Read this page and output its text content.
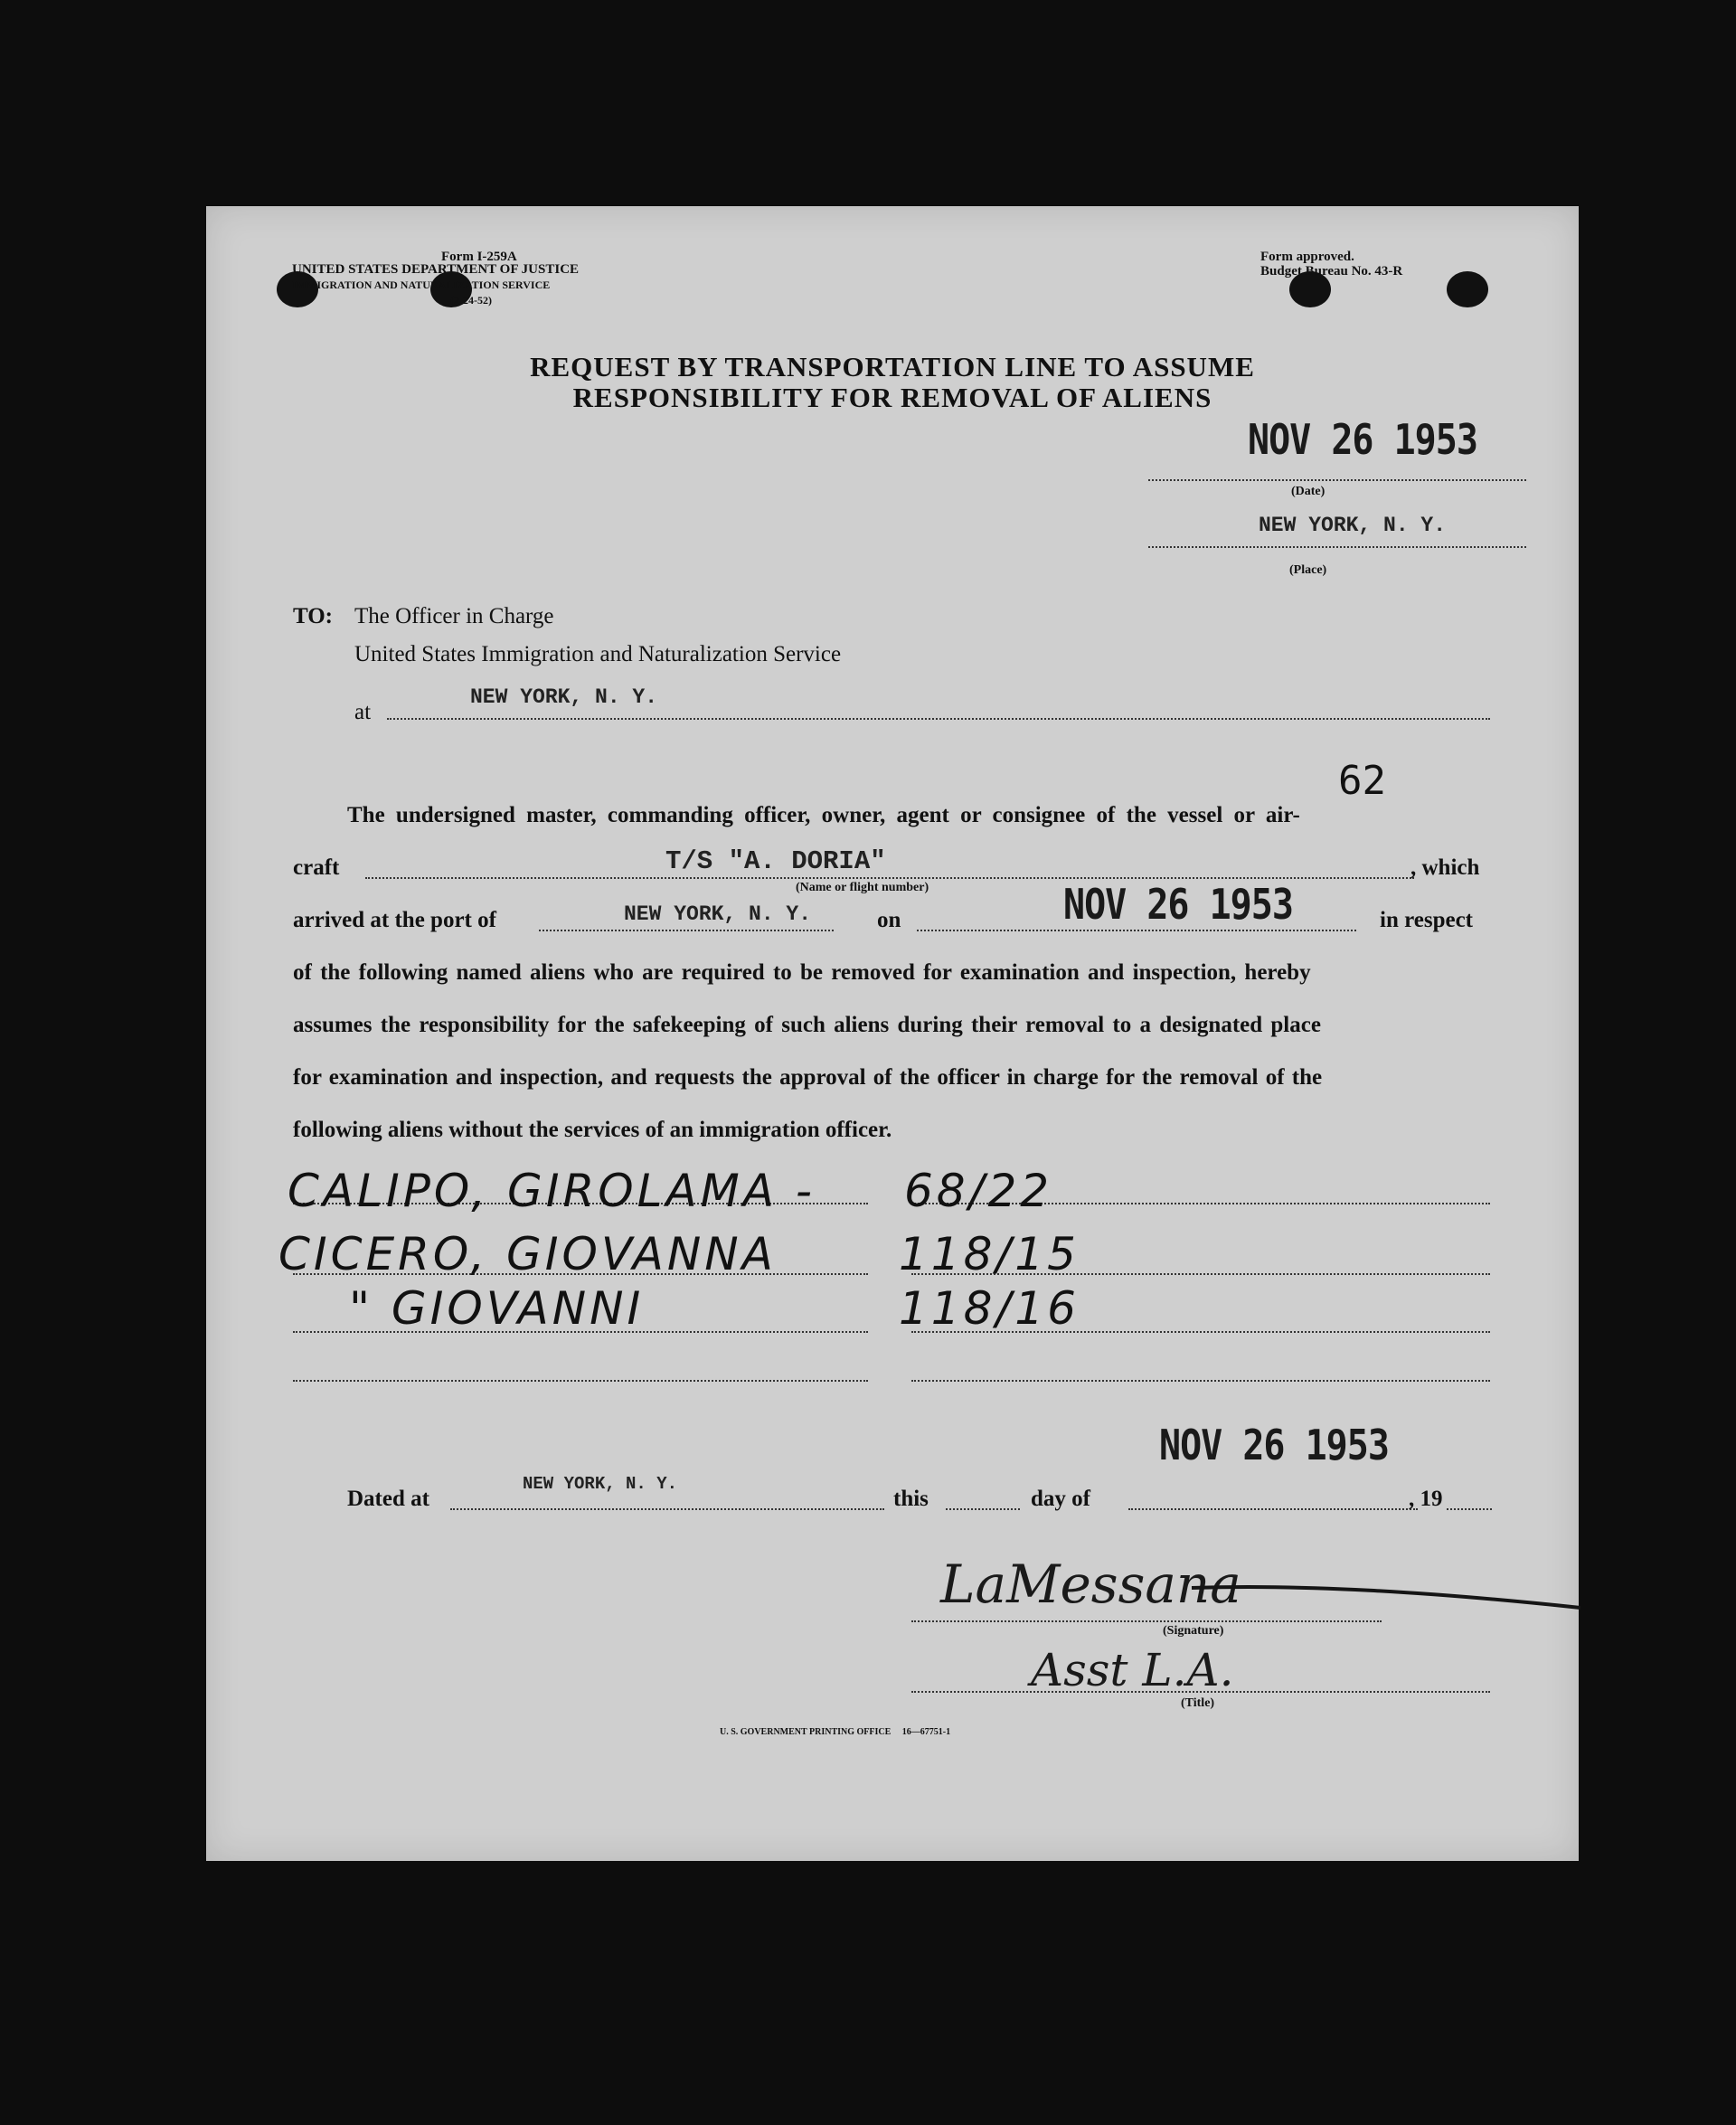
Form I-259A
UNITED STATES DEPARTMENT OF JUSTICE
IMMIGRATION AND NATURALIZATION SERVICE
(2-24-52)
Form approved.
Budget Bureau No. 43-R
REQUEST BY TRANSPORTATION LINE TO ASSUME
RESPONSIBILITY FOR REMOVAL OF ALIENS
NOV 26 1953
(Date)
NEW YORK, N. Y.
(Place)
TO: The Officer in Charge
United States Immigration and Naturalization Service
at
NEW YORK, N. Y.
62
The undersigned master, commanding officer, owner, agent or consignee of the vessel or air-
craft	T/S "A. DORIA"
(Name or flight number)
, which
arrived at the port of	NEW YORK, N. Y.	on	NOV 26 1953	in respect
of the following named aliens who are required to be removed for examination and inspection, hereby
assumes the responsibility for the safekeeping of such aliens during their removal to a designated place
for examination and inspection, and requests the approval of the officer in charge for the removal of the
following aliens without the services of an immigration officer.
CALIPO, GIROLAMA - 68/22
CICERO, GIOVANNA	118/15
" GIOVANNI	118/16
NOV 26 1953
Dated at
NEW YORK, N. Y.
this	day of	, 19
LaMessana
(Signature)
Asst L.A.
(Title)
U. S. GOVERNMENT PRINTING OFFICE     16—67751-1
